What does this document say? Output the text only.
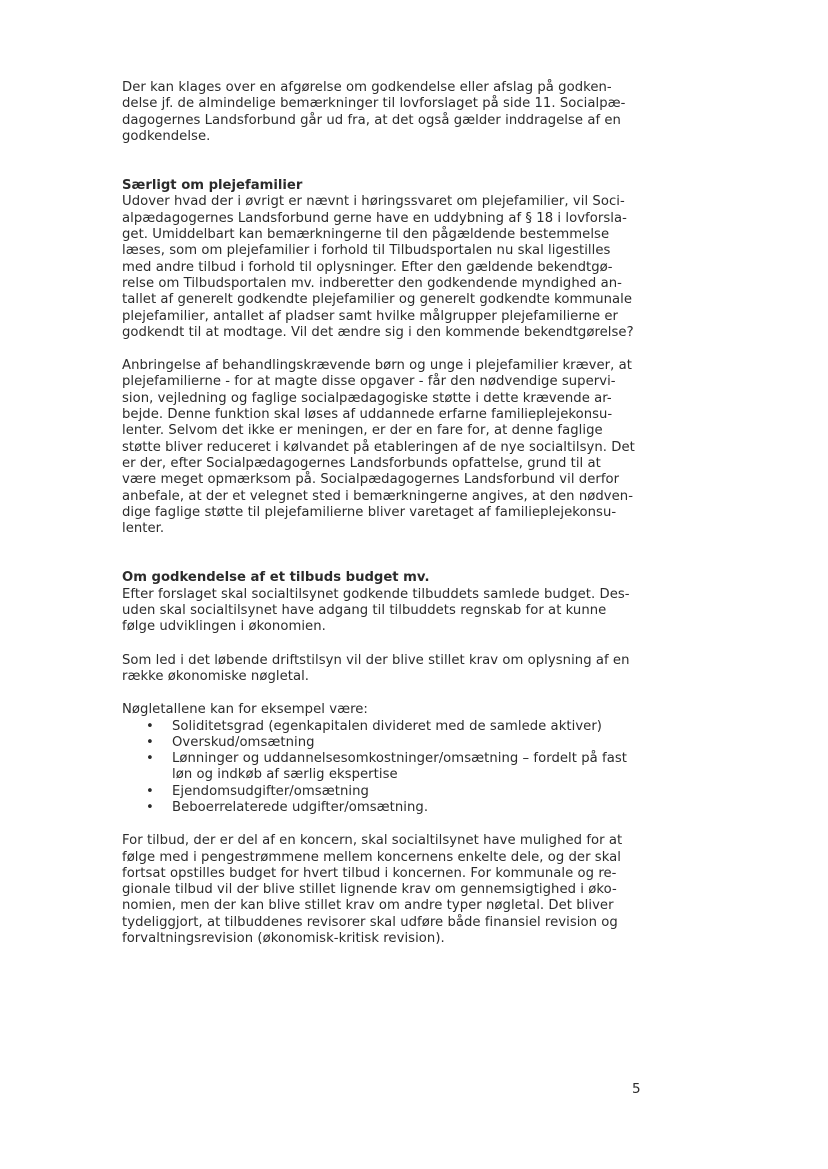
Der kan klages over en afgørelse om godkendelse eller afslag på godken-
delse jf. de almindelige bemærkninger til lovforslaget på side 11. Socialpæ-
dagogernes Landsforbund går ud fra, at det også gælder inddragelse af en
godkendelse.
Særligt om plejefamilier
Udover hvad der i øvrigt er nævnt i høringssvaret om plejefamilier, vil Soci-
alpædagogernes Landsforbund gerne have en uddybning af § 18 i lovforsla-
get. Umiddelbart kan bemærkningerne til den pågældende bestemmelse
læses, som om plejefamilier i forhold til Tilbudsportalen nu skal ligestilles
med andre tilbud i forhold til oplysninger. Efter den gældende bekendtgø-
relse om Tilbudsportalen mv. indberetter den godkendende myndighed an-
tallet af generelt godkendte plejefamilier og generelt godkendte kommunale
plejefamilier, antallet af pladser samt hvilke målgrupper plejefamilierne er
godkendt til at modtage. Vil det ændre sig i den kommende bekendtgørelse?
Anbringelse af behandlingskrævende børn og unge i plejefamilier kræver, at
plejefamilierne - for at magte disse opgaver - får den nødvendige supervi-
sion, vejledning og faglige socialpædagogiske støtte i dette krævende ar-
bejde. Denne funktion skal løses af uddannede erfarne familieplejekonsu-
lenter. Selvom det ikke er meningen, er der en fare for, at denne faglige
støtte bliver reduceret i kølvandet på etableringen af de nye socialtilsyn. Det
er der, efter Socialpædagogernes Landsforbunds opfattelse, grund til at
være meget opmærksom på. Socialpædagogernes Landsforbund vil derfor
anbefale, at der et velegnet sted i bemærkningerne angives, at den nødven-
dige faglige støtte til plejefamilierne bliver varetaget af familieplejekonsu-
lenter.
Om godkendelse af et tilbuds budget mv.
Efter forslaget skal socialtilsynet godkende tilbuddets samlede budget. Des-
uden skal socialtilsynet have adgang til tilbuddets regnskab for at kunne
følge udviklingen i økonomien.
Som led i det løbende driftstilsyn vil der blive stillet krav om oplysning af en
række økonomiske nøgletal.
Nøgletallene kan for eksempel være:
• Soliditetsgrad (egenkapitalen divideret med de samlede aktiver)
• Overskud/omsætning
• Lønninger og uddannelsesomkostninger/omsætning – fordelt på fast
løn og indkøb af særlig ekspertise
• Ejendomsudgifter/omsætning
• Beboerrelaterede udgifter/omsætning.
For tilbud, der er del af en koncern, skal socialtilsynet have mulighed for at
følge med i pengestrømmene mellem koncernens enkelte dele, og der skal
fortsat opstilles budget for hvert tilbud i koncernen. For kommunale og re-
gionale tilbud vil der blive stillet lignende krav om gennemsigtighed i øko-
nomien, men der kan blive stillet krav om andre typer nøgletal. Det bliver
tydeliggjort, at tilbuddenes revisorer skal udføre både finansiel revision og
forvaltningsrevision (økonomisk-kritisk revision).
5
